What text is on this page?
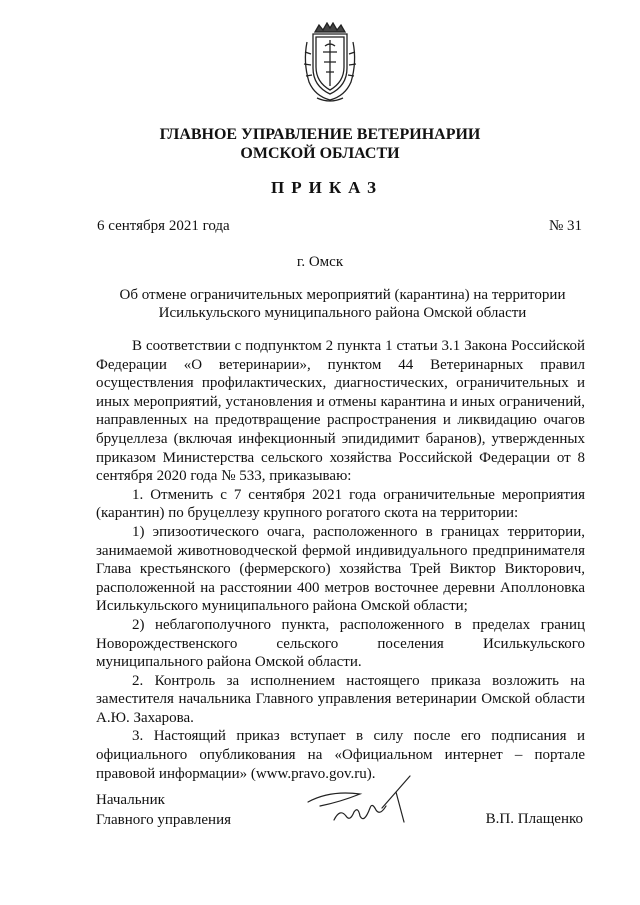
ГЛАВНОЕ УПРАВЛЕНИЕ ВЕТЕРИНАРИИ
ОМСКОЙ ОБЛАСТИ
ПРИКАЗ
6 сентября 2021 года	№ 31
г. Омск
Об отмене ограничительных мероприятий (карантина) на территории Исилькульского муниципального района Омской области

В соответствии с подпунктом 2 пункта 1 статьи 3.1 Закона Российской Федерации «О ветеринарии», пунктом 44 Ветеринарных правил осуществления профилактических, диагностических, ограничительных и иных мероприятий, установления и отмены карантина и иных ограничений, направленных на предотвращение распространения и ликвидацию очагов бруцеллеза (включая инфекционный эпидидимит баранов), утвержденных приказом Министерства сельского хозяйства Российской Федерации от 8 сентября 2020 года № 533, приказываю:

1. Отменить с 7 сентября 2021 года ограничительные мероприятия (карантин) по бруцеллезу крупного рогатого скота на территории:

1) эпизоотического очага, расположенного в границах территории, занимаемой животноводческой фермой индивидуального предпринимателя Глава крестьянского (фермерского) хозяйства Трей Виктор Викторович, расположенной на расстоянии 400 метров восточнее деревни Аполлоновка Исилькульского муниципального района Омской области;

2) неблагополучного пункта, расположенного в пределах границ Новорождественского сельского поселения Исилькульского муниципального района Омской области.

2. Контроль за исполнением настоящего приказа возложить на заместителя начальника Главного управления ветеринарии Омской области А.Ю. Захарова.

3. Настоящий приказ вступает в силу после его подписания и официального опубликования на «Официальном интернет – портале правовой информации» (www.pravo.gov.ru).

Начальник
Главного управления	В.П. Плащенко
